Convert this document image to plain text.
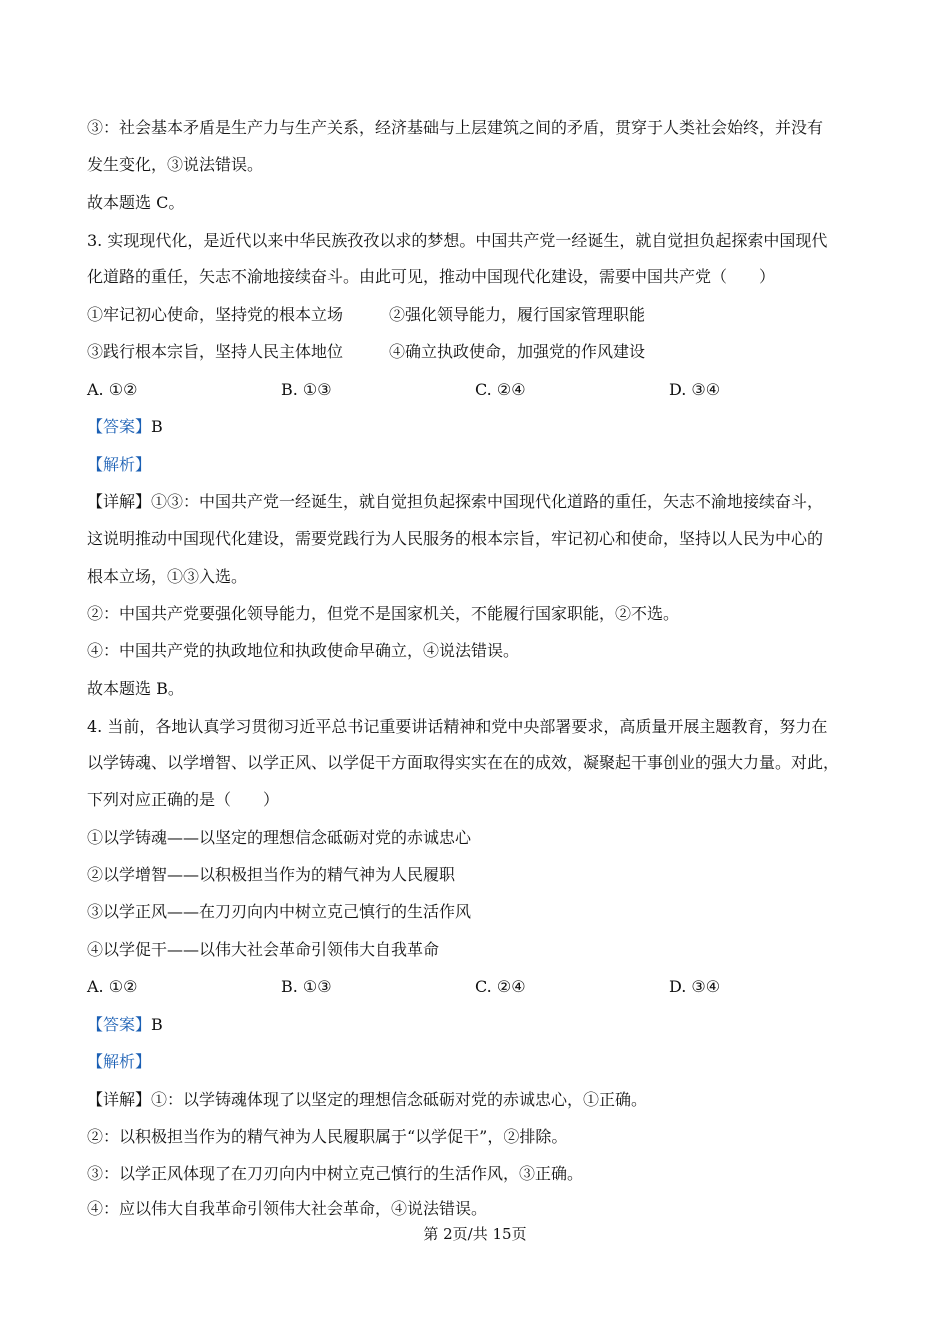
③：社会基本矛盾是生产力与生产关系，经济基础与上层建筑之间的矛盾，贯穿于人类社会始终，并没有
发生变化，③说法错误。
故本题选 C。
3. 实现现代化，是近代以来中华民族孜孜以求的梦想。中国共产党一经诞生，就自觉担负起探索中国现代
化道路的重任，矢志不渝地接续奋斗。由此可见，推动中国现代化建设，需要中国共产党（　　）
①牢记初心使命，坚持党的根本立场	②强化领导能力，履行国家管理职能
③践行根本宗旨，坚持人民主体地位	④确立执政使命，加强党的作风建设
A. ①②	B. ①③	C. ②④	D. ③④
【答案】B
【解析】
【详解】①③：中国共产党一经诞生，就自觉担负起探索中国现代化道路的重任，矢志不渝地接续奋斗，
这说明推动中国现代化建设，需要党践行为人民服务的根本宗旨，牢记初心和使命，坚持以人民为中心的
根本立场，①③入选。
②：中国共产党要强化领导能力，但党不是国家机关，不能履行国家职能，②不选。
④：中国共产党的执政地位和执政使命早确立，④说法错误。
故本题选 B。
4. 当前，各地认真学习贯彻习近平总书记重要讲话精神和党中央部署要求，高质量开展主题教育，努力在
以学铸魂、以学增智、以学正风、以学促干方面取得实实在在的成效，凝聚起干事创业的强大力量。对此，
下列对应正确的是（　　）
①以学铸魂——以坚定的理想信念砥砺对党的赤诚忠心
②以学增智——以积极担当作为的精气神为人民履职
③以学正风——在刀刃向内中树立克己慎行的生活作风
④以学促干——以伟大社会革命引领伟大自我革命
A. ①②	B. ①③	C. ②④	D. ③④
【答案】B
【解析】
【详解】①：以学铸魂体现了以坚定的理想信念砥砺对党的赤诚忠心，①正确。
②：以积极担当作为的精气神为人民履职属于“以学促干”，②排除。
③：以学正风体现了在刀刃向内中树立克己慎行的生活作风，③正确。
④：应以伟大自我革命引领伟大社会革命，④说法错误。
第 2页/共 15页
